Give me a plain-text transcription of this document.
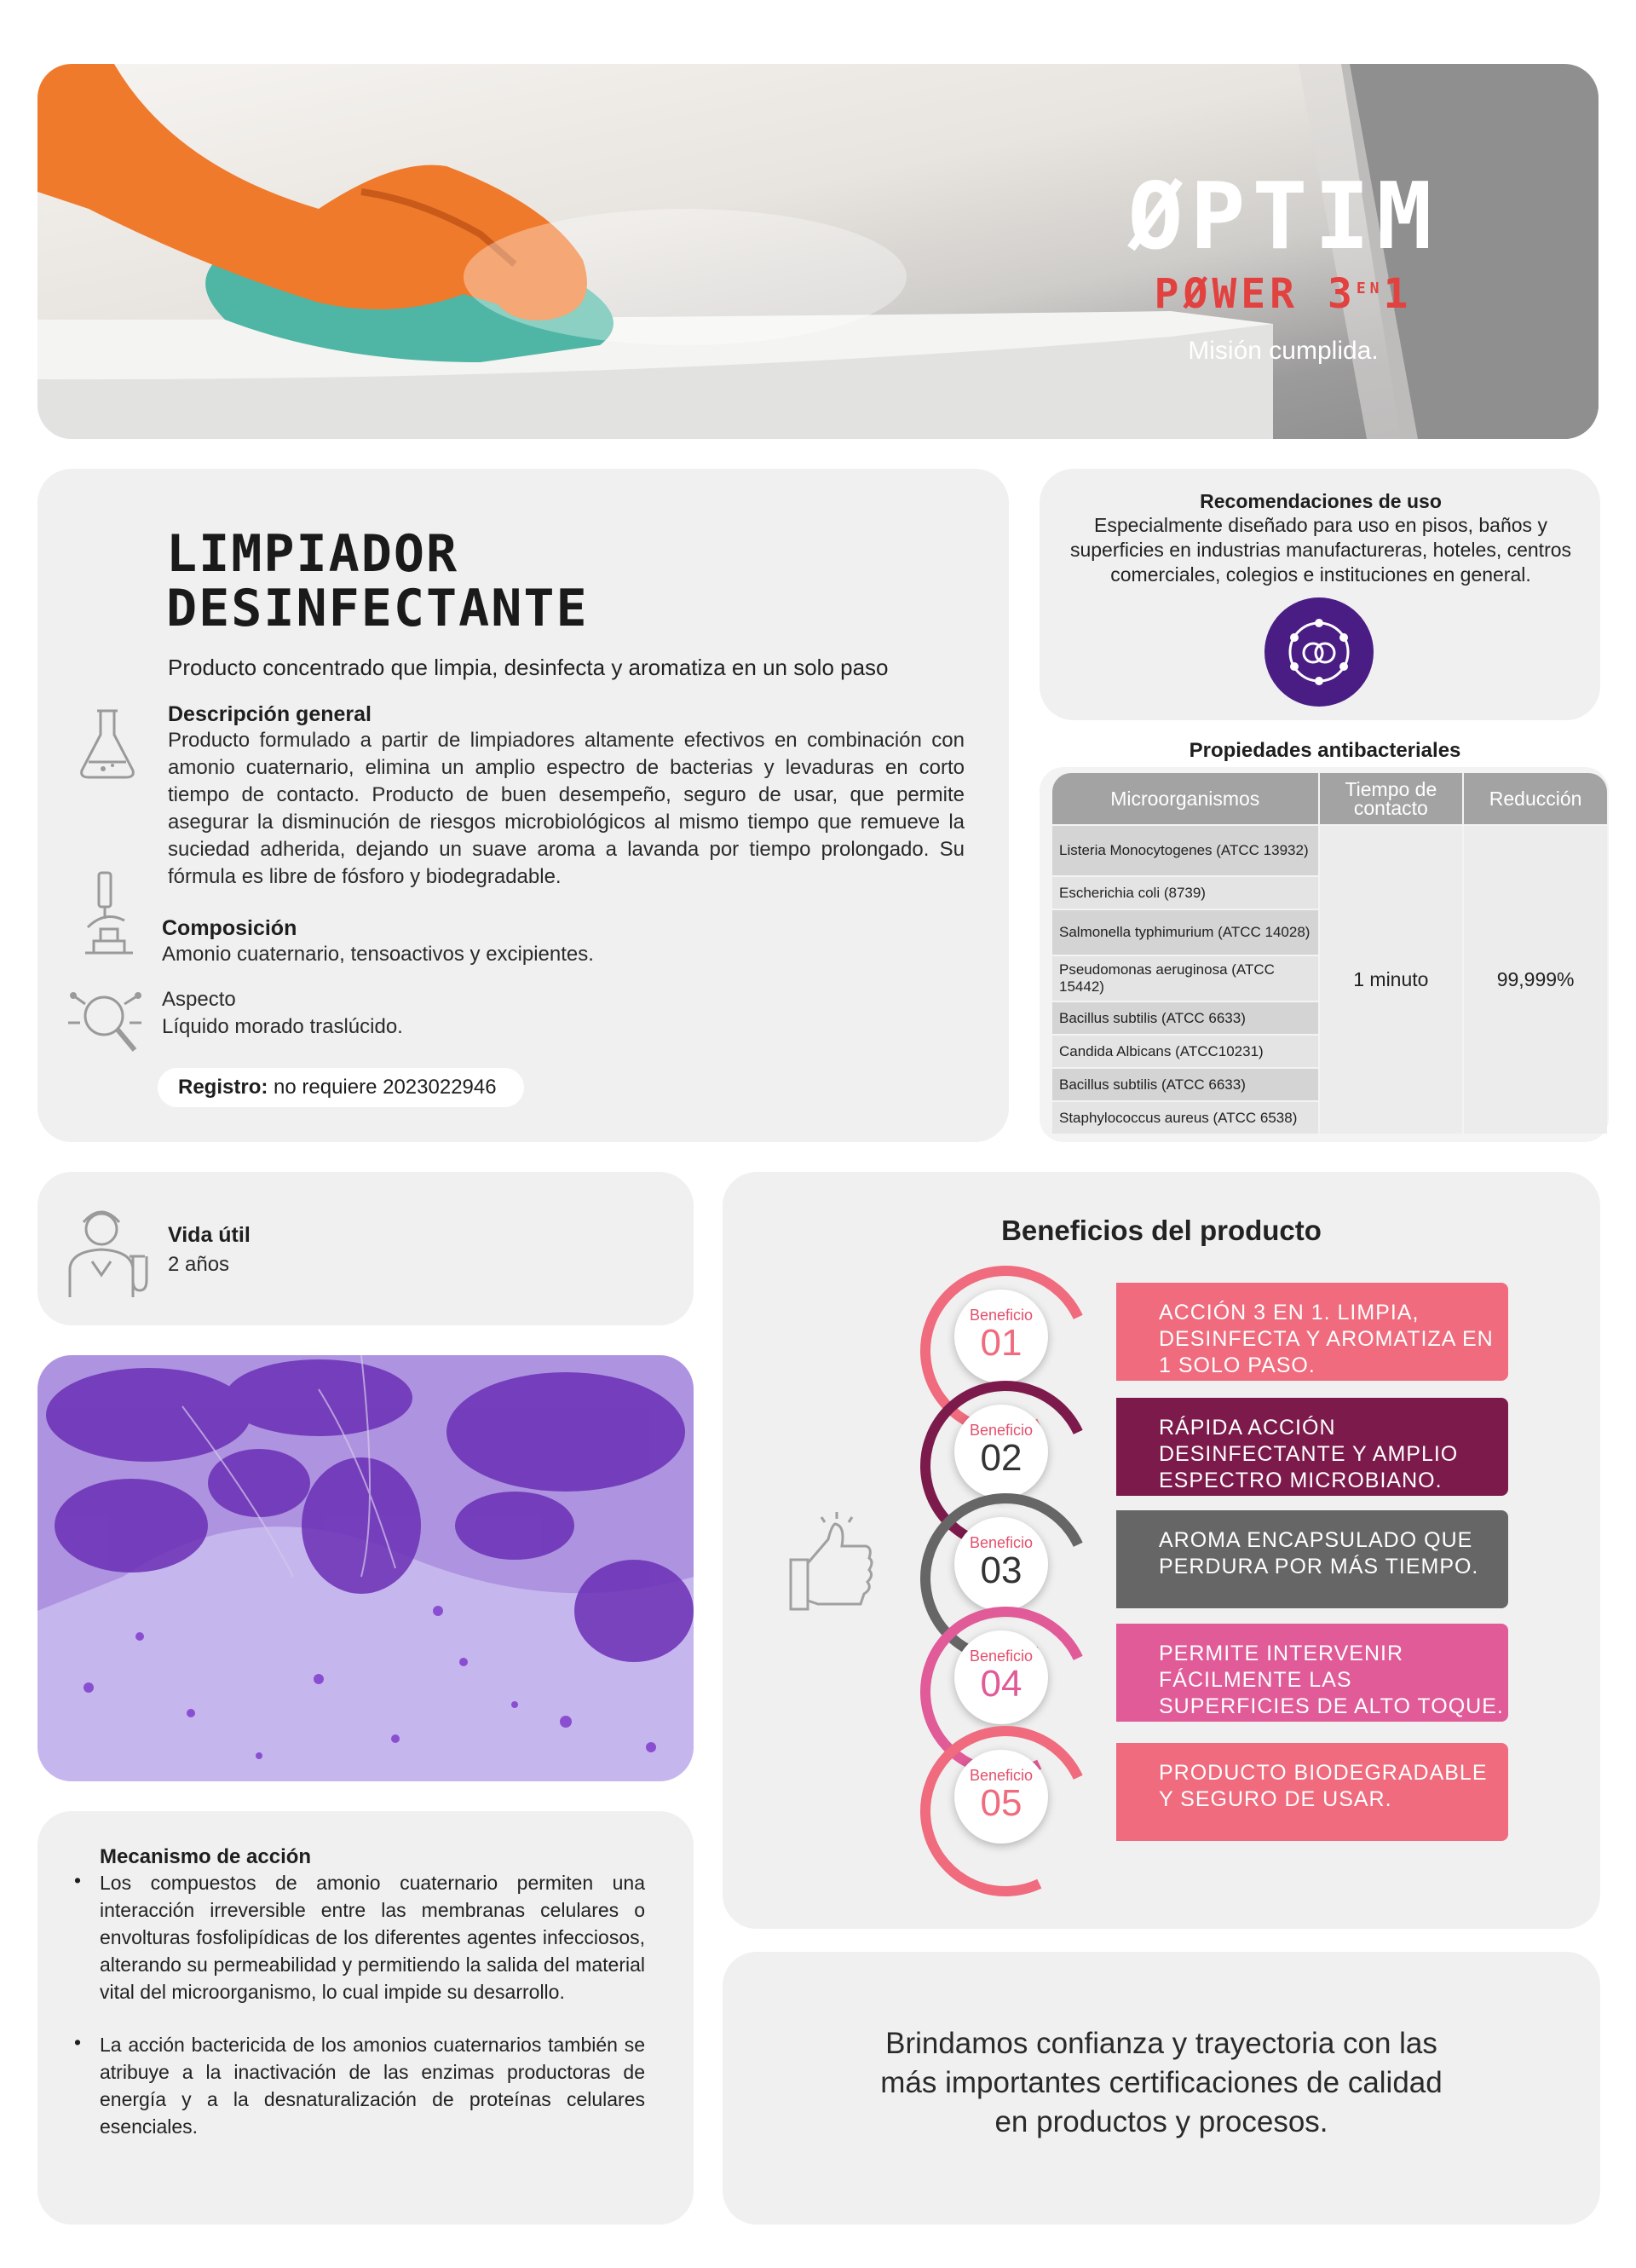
ØPTIM
PØWER $3^{EN}1$
Misión cumplida.
LIMPIADOR
DESINFECTANTE
Producto concentrado que limpia, desinfecta y aromatiza en un solo paso
Descripción general
Producto formulado a partir de limpiadores altamente efectivos en combinación con amonio cuaternario, elimina un amplio espectro de bacterias y levaduras en corto tiempo de contacto. Producto de buen desempeño, seguro de usar, que permite asegurar la disminución de riesgos microbiológicos al mismo tiempo que remueve la suciedad adherida, dejando un suave aroma a lavanda por tiempo prolongado. Su fórmula es libre de fósforo y biodegradable.
Composición
Amonio cuaternario, tensoactivos y excipientes.
Aspecto
Líquido morado traslúcido.
Registro: no requiere 2023022946
Recomendaciones de uso
Especialmente diseñado para uso en pisos, baños y superficies en industrias manufactureras, hoteles, centros comerciales, colegios e instituciones en general.
Propiedades antibacteriales
Microorganismos	Tiempo de contacto	Reducción
Listeria Monocytogenes (ATCC 13932)	1 minuto	99,999%
Escherichia coli (8739)		
Salmonella typhimurium (ATCC 14028)		
Pseudomonas aeruginosa (ATCC 15442)		
Bacillus subtilis (ATCC 6633)		
Candida Albicans (ATCC10231)		
Bacillus subtilis (ATCC 6633)		
Staphylococcus aureus (ATCC 6538)		
Vida útil
2 años
Mecanismo de acción
• Los compuestos de amonio cuaternario permiten una interacción irreversible entre las membranas celulares o envolturas fosfolipídicas de los diferentes agentes infecciosos, alterando su permeabilidad y permitiendo la salida del material vital del microorganismo, lo cual impide su desarrollo.

• La acción bactericida de los amonios cuaternarios también se atribuye a la inactivación de las enzimas productoras de energía y a la desnaturalización de proteínas celulares esenciales.

Beneficios del producto
ACCIÓN 3 EN 1. LIMPIA, DESINFECTA Y AROMATIZA EN 1 SOLO PASO.
Beneficio
01
RÁPIDA ACCIÓN DESINFECTANTE Y AMPLIO ESPECTRO MICROBIANO.
Beneficio
02
AROMA ENCAPSULADO QUE PERDURA POR MÁS TIEMPO.
Beneficio
03
PERMITE INTERVENIR FÁCILMENTE LAS SUPERFICIES DE ALTO TOQUE.
Beneficio
04
PRODUCTO BIODEGRADABLE Y SEGURO DE USAR.
Beneficio
05
Brindamos confianza y trayectoria con las más importantes certificaciones de calidad en productos y procesos.
